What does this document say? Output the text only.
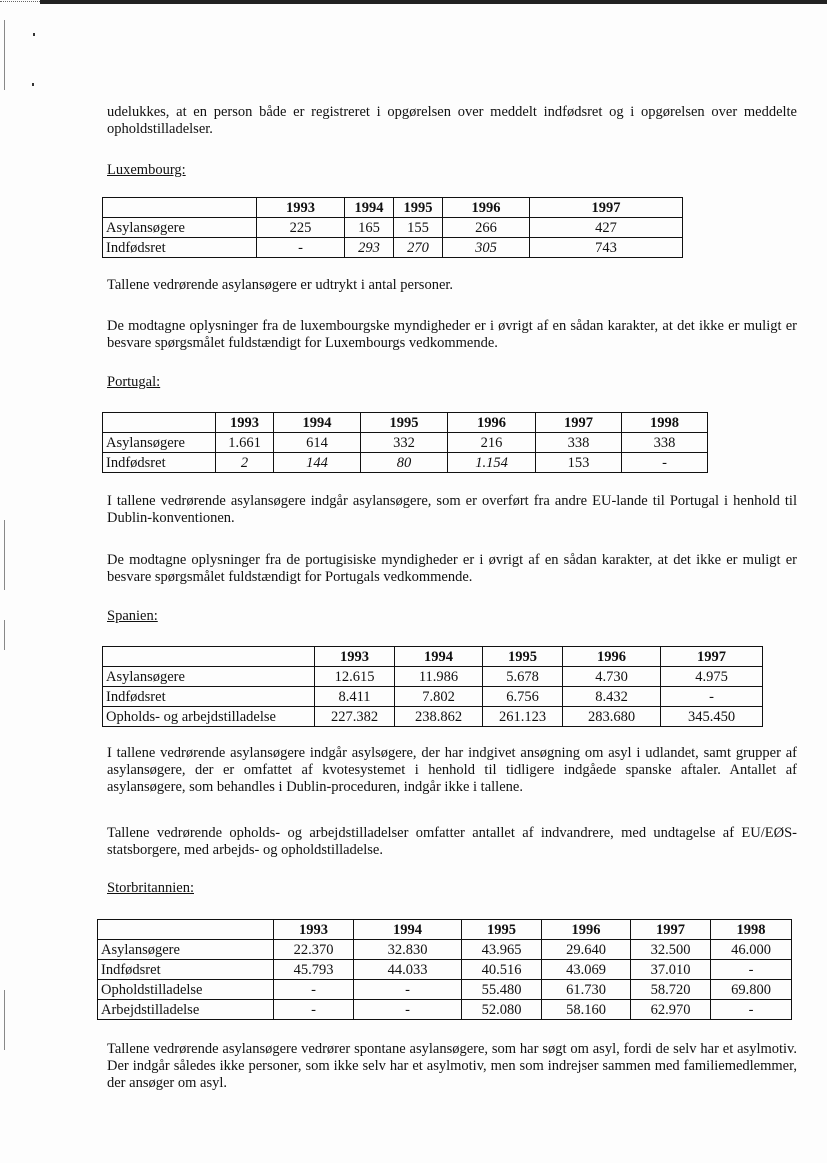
udelukkes, at en person både er registreret i opgørelsen over meddelt indfødsret og i opgørelsen over meddelte opholdstilladelser.

Luxembourg:

	1993	1994	1995	1996	1997
Asylansøgere	225	165	155	266	427
Indfødsret	-	293	270	305	743

Tallene vedrørende asylansøgere er udtrykt i antal personer.

De modtagne oplysninger fra de luxembourgske myndigheder er i øvrigt af en sådan karakter, at det ikke er muligt er besvare spørgsmålet fuldstændigt for Luxembourgs vedkommende.

Portugal:

	1993	1994	1995	1996	1997	1998
Asylansøgere	1.661	614	332	216	338	338
Indfødsret	2	144	80	1.154	153	-

I tallene vedrørende asylansøgere indgår asylansøgere, som er overført fra andre EU-lande til Portugal i henhold til Dublin-konventionen.

De modtagne oplysninger fra de portugisiske myndigheder er i øvrigt af en sådan karakter, at det ikke er muligt er besvare spørgsmålet fuldstændigt for Portugals vedkommende.

Spanien:

	1993	1994	1995	1996	1997
Asylansøgere	12.615	11.986	5.678	4.730	4.975
Indfødsret	8.411	7.802	6.756	8.432	-
Opholds- og arbejdstilladelse	227.382	238.862	261.123	283.680	345.450

I tallene vedrørende asylansøgere indgår asylsøgere, der har indgivet ansøgning om asyl i udlandet, samt grupper af asylansøgere, der er omfattet af kvotesystemet i henhold til tidligere indgåede spanske aftaler. Antallet af asylansøgere, som behandles i Dublin-proceduren, indgår ikke i tallene.

Tallene vedrørende opholds- og arbejdstilladelser omfatter antallet af indvandrere, med undtagelse af EU/EØS-statsborgere, med arbejds- og opholdstilladelse.

Storbritannien:

	1993	1994	1995	1996	1997	1998
Asylansøgere	22.370	32.830	43.965	29.640	32.500	46.000
Indfødsret	45.793	44.033	40.516	43.069	37.010	-
Opholdstilladelse	-	-	55.480	61.730	58.720	69.800
Arbejdstilladelse	-	-	52.080	58.160	62.970	-

Tallene vedrørende asylansøgere vedrører spontane asylansøgere, som har søgt om asyl, fordi de selv har et asylmotiv. Der indgår således ikke personer, som ikke selv har et asylmotiv, men som indrejser sammen med familiemedlemmer, der ansøger om asyl.
